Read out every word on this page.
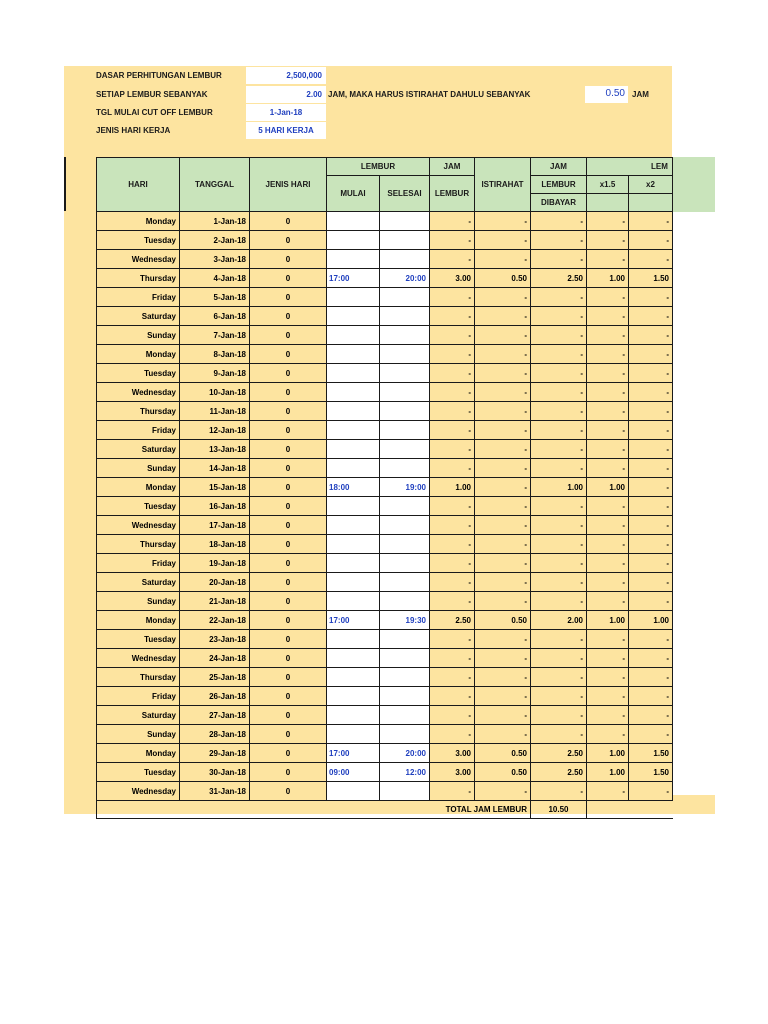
DASAR PERHITUNGAN LEMBUR	2,500,000
SETIAP LEMBUR SEBANYAK	2.00 JAM, MAKA HARUS ISTIRAHAT DAHULU SEBANYAK	0.50 JAM
TGL MULAI CUT OFF LEMBUR	1-Jan-18
JENIS HARI KERJA	5 HARI KERJA
HARI	TANGGAL	JENIS HARI	LEMBUR		JAM	ISTIRAHAT	JAM	LEM	
			MULAI	SELESAI	LEMBUR		LEMBUR	x1.5	x2
							DIBAYAR		
Monday	1-Jan-18	0			-	-	-	-	-
Tuesday	2-Jan-18	0			-	-	-	-	-
Wednesday	3-Jan-18	0			-	-	-	-	-
Thursday	4-Jan-18	0	17:00	20:00	3.00	0.50	2.50	1.00	1.50
Friday	5-Jan-18	0			-	-	-	-	-
Saturday	6-Jan-18	0			-	-	-	-	-
Sunday	7-Jan-18	0			-	-	-	-	-
Monday	8-Jan-18	0			-	-	-	-	-
Tuesday	9-Jan-18	0			-	-	-	-	-
Wednesday	10-Jan-18	0			-	-	-	-	-
Thursday	11-Jan-18	0			-	-	-	-	-
Friday	12-Jan-18	0			-	-	-	-	-
Saturday	13-Jan-18	0			-	-	-	-	-
Sunday	14-Jan-18	0			-	-	-	-	-
Monday	15-Jan-18	0	18:00	19:00	1.00	-	1.00	1.00	-
Tuesday	16-Jan-18	0			-	-	-	-	-
Wednesday	17-Jan-18	0			-	-	-	-	-
Thursday	18-Jan-18	0			-	-	-	-	-
Friday	19-Jan-18	0			-	-	-	-	-
Saturday	20-Jan-18	0			-	-	-	-	-
Sunday	21-Jan-18	0			-	-	-	-	-
Monday	22-Jan-18	0	17:00	19:30	2.50	0.50	2.00	1.00	1.00
Tuesday	23-Jan-18	0			-	-	-	-	-
Wednesday	24-Jan-18	0			-	-	-	-	-
Thursday	25-Jan-18	0			-	-	-	-	-
Friday	26-Jan-18	0			-	-	-	-	-
Saturday	27-Jan-18	0			-	-	-	-	-
Sunday	28-Jan-18	0			-	-	-	-	-
Monday	29-Jan-18	0	17:00	20:00	3.00	0.50	2.50	1.00	1.50
Tuesday	30-Jan-18	0	09:00	12:00	3.00	0.50	2.50	1.00	1.50
Wednesday	31-Jan-18	0			-	-	-	-	-
TOTAL JAM LEMBUR							10.50		
